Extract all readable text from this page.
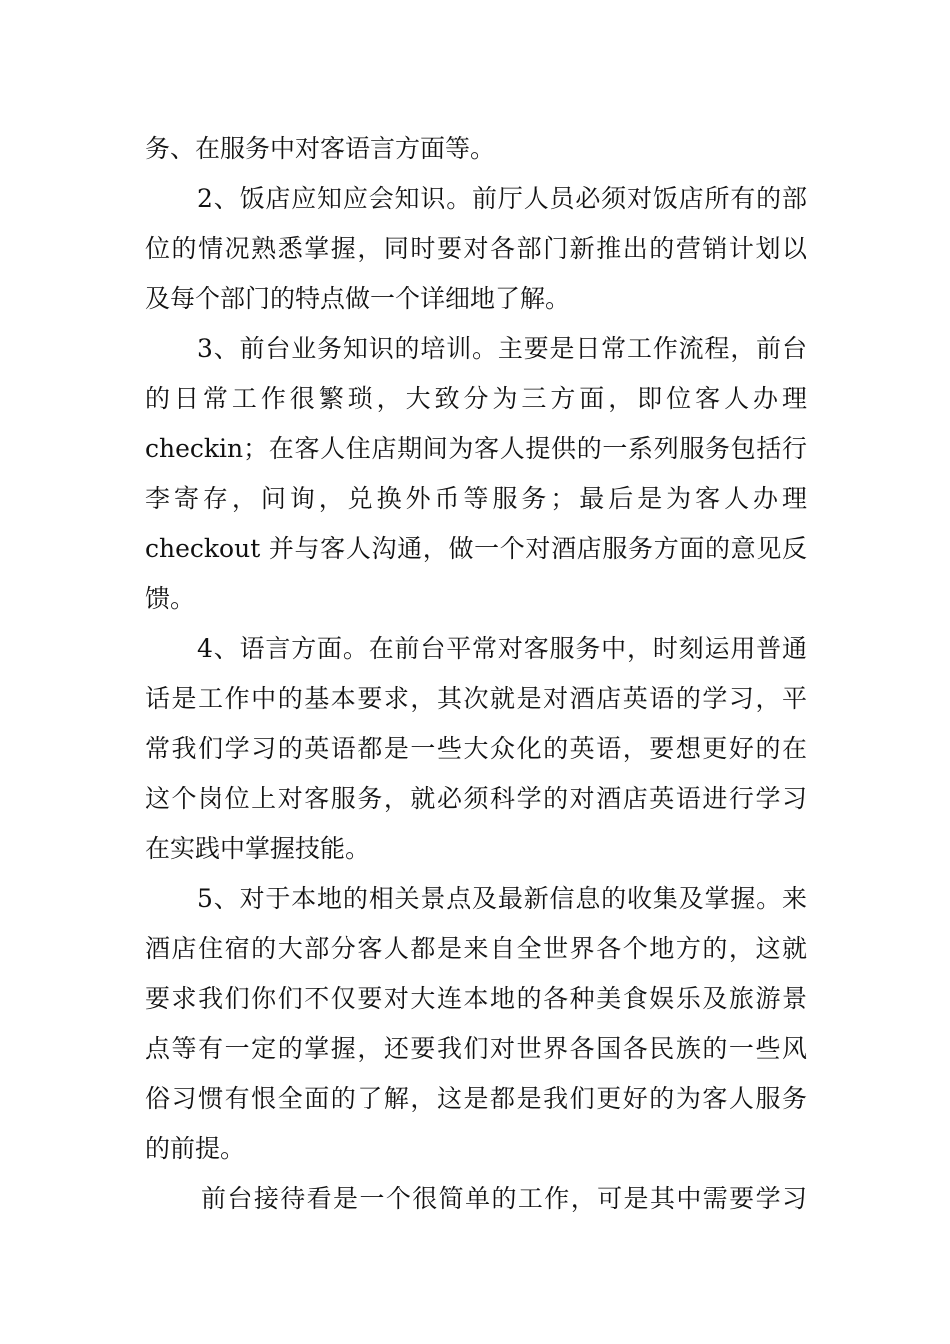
务、在服务中对客语言方面等。
2、饭店应知应会知识。前厅人员必须对饭店所有的部
位的情况熟悉掌握，同时要对各部门新推出的营销计划以
及每个部门的特点做一个详细地了解。
3、前台业务知识的培训。主要是日常工作流程，前台
的日常工作很繁琐，大致分为三方面，即位客人办理
checkin；在客人住店期间为客人提供的一系列服务包括行
李寄存，问询，兑换外币等服务；最后是为客人办理
checkout 并与客人沟通，做一个对酒店服务方面的意见反
馈。
4、语言方面。在前台平常对客服务中，时刻运用普通
话是工作中的基本要求，其次就是对酒店英语的学习，平
常我们学习的英语都是一些大众化的英语，要想更好的在
这个岗位上对客服务，就必须科学的对酒店英语进行学习
在实践中掌握技能。
5、对于本地的相关景点及最新信息的收集及掌握。来
酒店住宿的大部分客人都是来自全世界各个地方的，这就
要求我们你们不仅要对大连本地的各种美食娱乐及旅游景
点等有一定的掌握，还要我们对世界各国各民族的一些风
俗习惯有恨全面的了解，这是都是我们更好的为客人服务
的前提。
前台接待看是一个很简单的工作，可是其中需要学习
